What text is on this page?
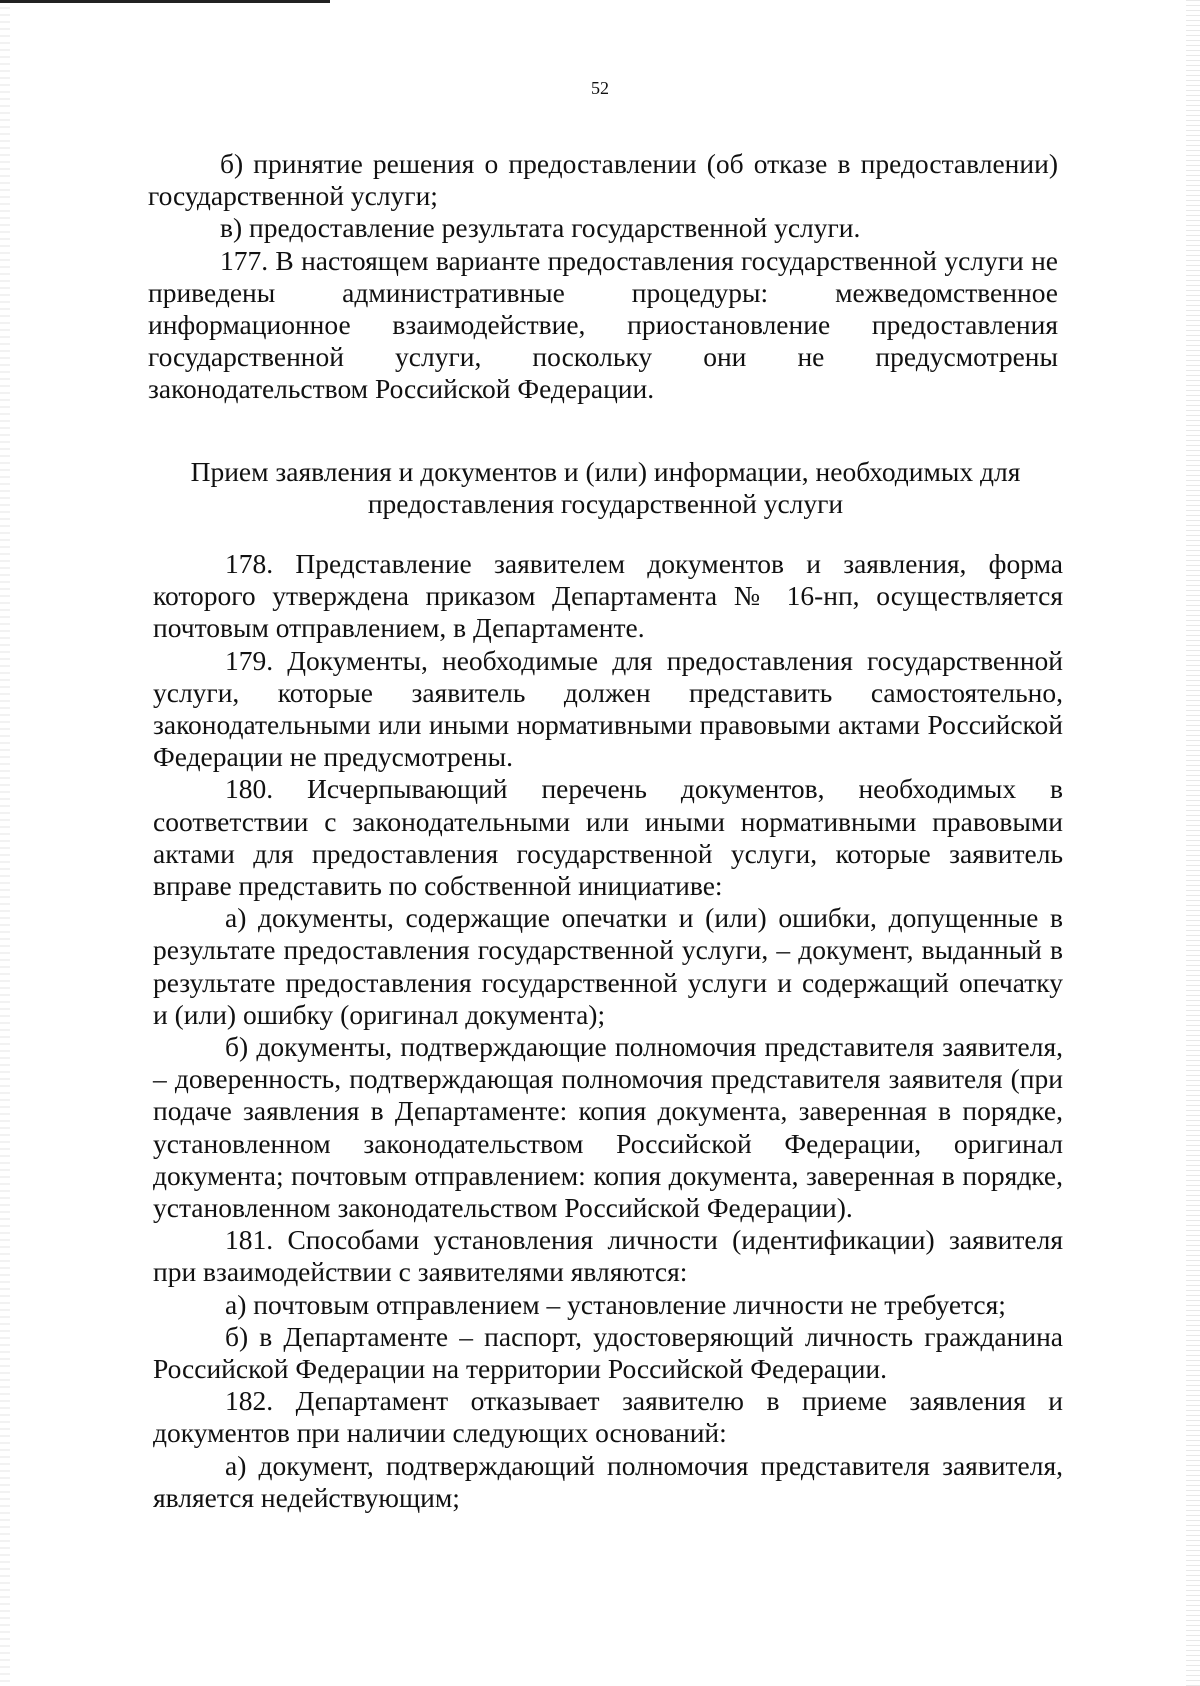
52

б) принятие решения о предоставлении (об отказе в предоставлении) государственной услуги;

в) предоставление результата государственной услуги.

177. В настоящем варианте предоставления государственной услуги не приведены административные процедуры: межведомственное информационное взаимодействие, приостановление предоставления государственной услуги, поскольку они не предусмотрены законодательством Российской Федерации.

Прием заявления и документов и (или) информации, необходимых для
предоставления государственной услуги

178. Представление заявителем документов и заявления, форма которого утверждена приказом Департамента № 16-нп, осуществляется почтовым отправлением, в Департаменте.

179. Документы, необходимые для предоставления государственной услуги, которые заявитель должен представить самостоятельно, законодательными или иными нормативными правовыми актами Российской Федерации не предусмотрены.

180. Исчерпывающий перечень документов, необходимых в соответствии с законодательными или иными нормативными правовыми актами для предоставления государственной услуги, которые заявитель вправе представить по собственной инициативе:

а) документы, содержащие опечатки и (или) ошибки, допущенные в результате предоставления государственной услуги, – документ, выданный в результате предоставления государственной услуги и содержащий опечатку и (или) ошибку (оригинал документа);

б) документы, подтверждающие полномочия представителя заявителя, – доверенность, подтверждающая полномочия представителя заявителя (при подаче заявления в Департаменте: копия документа, заверенная в порядке, установленном законодательством Российской Федерации, оригинал документа; почтовым отправлением: копия документа, заверенная в порядке, установленном законодательством Российской Федерации).

181. Способами установления личности (идентификации) заявителя при взаимодействии с заявителями являются:

а) почтовым отправлением – установление личности не требуется;

б) в Департаменте – паспорт, удостоверяющий личность гражданина Российской Федерации на территории Российской Федерации.

182. Департамент отказывает заявителю в приеме заявления и документов при наличии следующих оснований:

а) документ, подтверждающий полномочия представителя заявителя, является недействующим;
